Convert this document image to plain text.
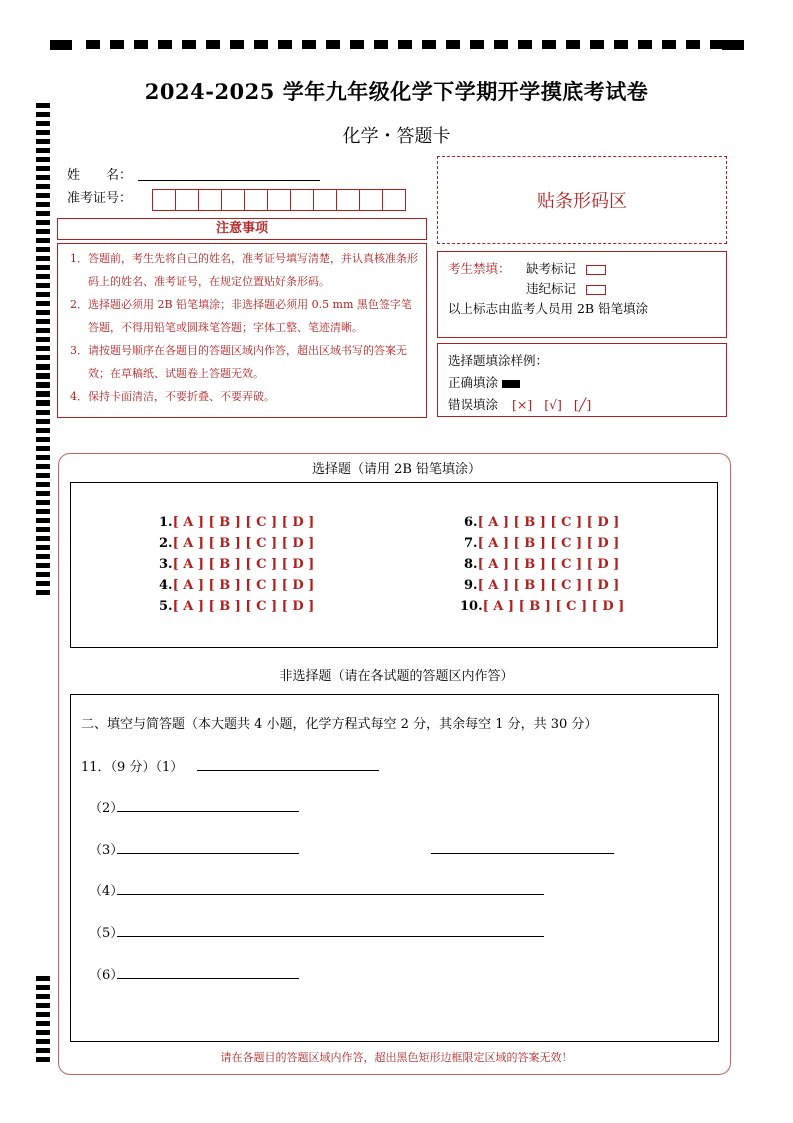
2024-2025 学年九年级化学下学期开学摸底考试卷
化学・答题卡
姓　　名：
准考证号：	贴条形码区
注意事项
1．答题前，考生先将自己的姓名，准考证号填写清楚，并认真核准条形码上的姓名、准考证号，在规定位置贴好条形码。
2．选择题必须用 2B 铅笔填涂；非选择题必须用 0.5 mm 黑色签字笔答题，不得用铅笔或圆珠笔答题；字体工整、笔迹清晰。
3．请按题号顺序在各题目的答题区域内作答，超出区域书写的答案无效；在草稿纸、试题卷上答题无效。
4．保持卡面清洁，不要折叠、不要弄破。
考生禁填： 缺考标记
违纪标记
以上标志由监考人员用 2B 铅笔填涂
选择题填涂样例：
正确填涂
错误填涂 [×] [√] [╱]
选择题（请用 2B 铅笔填涂）
1.[ A ] [ B ] [ C ] [ D ]
2.[ A ] [ B ] [ C ] [ D ]
3.[ A ] [ B ] [ C ] [ D ]
4.[ A ] [ B ] [ C ] [ D ]
5.[ A ] [ B ] [ C ] [ D ]
6.[ A ] [ B ] [ C ] [ D ]
7.[ A ] [ B ] [ C ] [ D ]
8.[ A ] [ B ] [ C ] [ D ]
9.[ A ] [ B ] [ C ] [ D ]
10.[ A ] [ B ] [ C ] [ D ]
非选择题（请在各试题的答题区内作答）
二、填空与简答题（本大题共 4 小题，化学方程式每空 2 分，其余每空 1 分，共 30 分）
11．（9 分）（1）
（2）
（3）
（4）
（5）
（6）
请在各题目的答题区域内作答，超出黑色矩形边框限定区域的答案无效！
